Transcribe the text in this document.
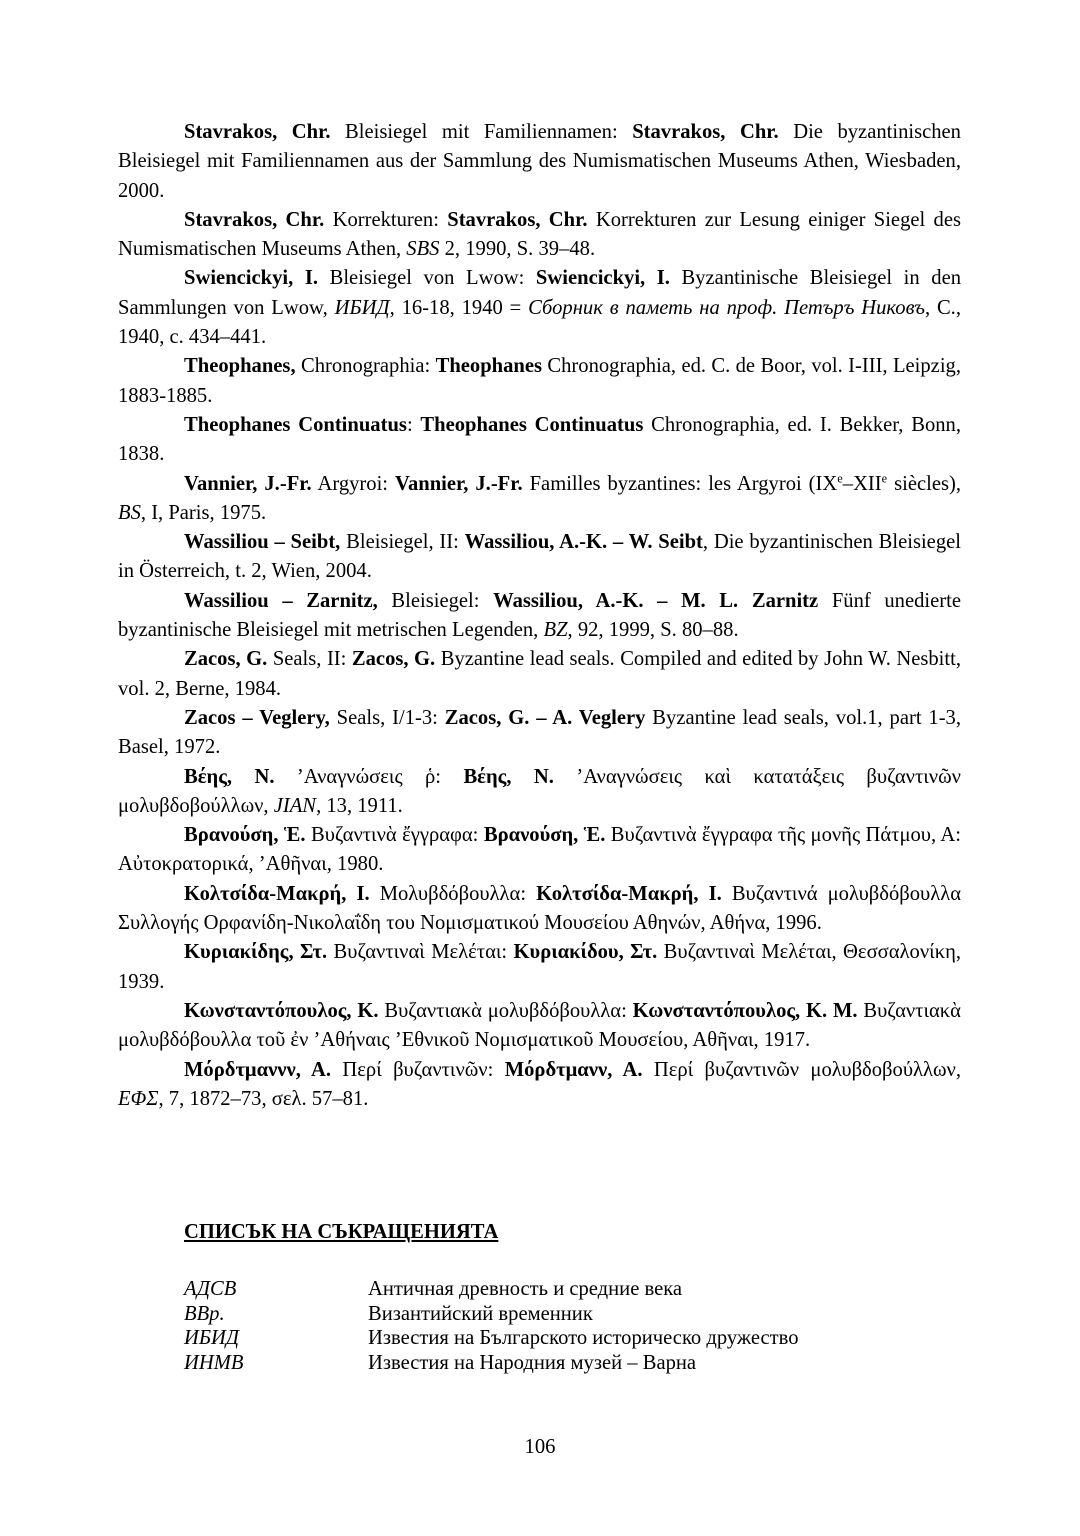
Stavrakos, Chr. Bleisiegel mit Familiennamen: Stavrakos, Chr. Die byzantinischen Bleisiegel mit Familiennamen aus der Sammlung des Numismatischen Museums Athen, Wiesbaden, 2000.

Stavrakos, Chr. Korrekturen: Stavrakos, Chr. Korrekturen zur Lesung einiger Siegel des Numismatischen Museums Athen, SBS 2, 1990, S. 39–48.

Swiencickyi, I. Bleisiegel von Lwow: Swiencickyi, I. Byzantinische Bleisiegel in den Sammlungen von Lwow, ИБИД, 16-18, 1940 = Сборник в паметь на проф. Петъръ Никовъ, С., 1940, с. 434–441.

Theophanes, Chronographia: Theophanes Chronographia, ed. C. de Boor, vol. I-III, Leipzig, 1883-1885.

Theophanes Continuatus: Theophanes Continuatus Chronographia, ed. I. Bekker, Bonn, 1838.

Vannier, J.-Fr. Argyroi: Vannier, J.-Fr. Familles byzantines: les Argyroi (IXe–XIIe siècles), BS, I, Paris, 1975.

Wassiliou – Seibt, Bleisiegel, II: Wassiliou, A.-K. – W. Seibt, Die byzantinischen Bleisiegel in Österreich, t. 2, Wien, 2004.

Wassiliou – Zarnitz, Bleisiegel: Wassiliou, A.-K. – M. L. Zarnitz Fünf unedierte byzantinische Bleisiegel mit metrischen Legenden, BZ, 92, 1999, S. 80–88.

Zacos, G. Seals, II: Zacos, G. Byzantine lead seals. Compiled and edited by John W. Nesbitt, vol. 2, Berne, 1984.

Zacos – Veglery, Seals, I/1-3: Zacos, G. – A. Veglery Byzantine lead seals, vol.1, part 1-3, Basel, 1972.

Βέης, Ν. ’Αναγνώσεις ῥ: Βέης, Ν. ’Αναγνώσεις καὶ κατατάξεις βυζαντινῶν μολυβδοβούλλων, JIAN, 13, 1911.

Βρανούση, Ἑ. Βυζαντινὰ ἔγγραφα: Βρανούση, Ἑ. Βυζαντινὰ ἔγγραφα τῆς μονῆς Πάτμου, Α: Αὐτοκρατορικά, ’Αθῆναι, 1980.

Κολτσίδα-Μακρή, Ι. Μολυβδόβουλλα: Κολτσίδα-Μακρή, Ι. Βυζαντινά μολυβδόβουλλα Συλλογής Ορφανίδη-Νικολαΐδη του Νομισματικού Μουσείου Αθηνών, Αθήνα, 1996.

Κυριακίδης, Στ. Βυζαντιναὶ Μελέται: Κυριακίδου, Στ. Βυζαντιναὶ Μελέται, Θεσσαλονίκη, 1939.

Κωνσταντόπουλος, Κ. Βυζαντιακὰ μολυβδόβουλλα: Κωνσταντόπουλος, Κ. Μ. Βυζαντιακὰ μολυβδόβουλλα τοῦ ἐν ’Αθήναις ’Εθνικοῦ Νομισματικοῦ Μουσείου, Αθῆναι, 1917.

Μόρδτμαννν, Α. Περί βυζαντινῶν: Μόρδτμανν, Α. Περί βυζαντινῶν μολυβδοβούλλων, ΕΦΣ, 7, 1872–73, σελ. 57–81.

СПИСЪК НА СЪКРАЩЕНИЯТА
АДСВ	Античная древность и средние века
ВВр.	Византийский временник
ИБИД	Известия на Българското историческо дружество
ИНМВ	Известия на Народния музей – Варна
106
